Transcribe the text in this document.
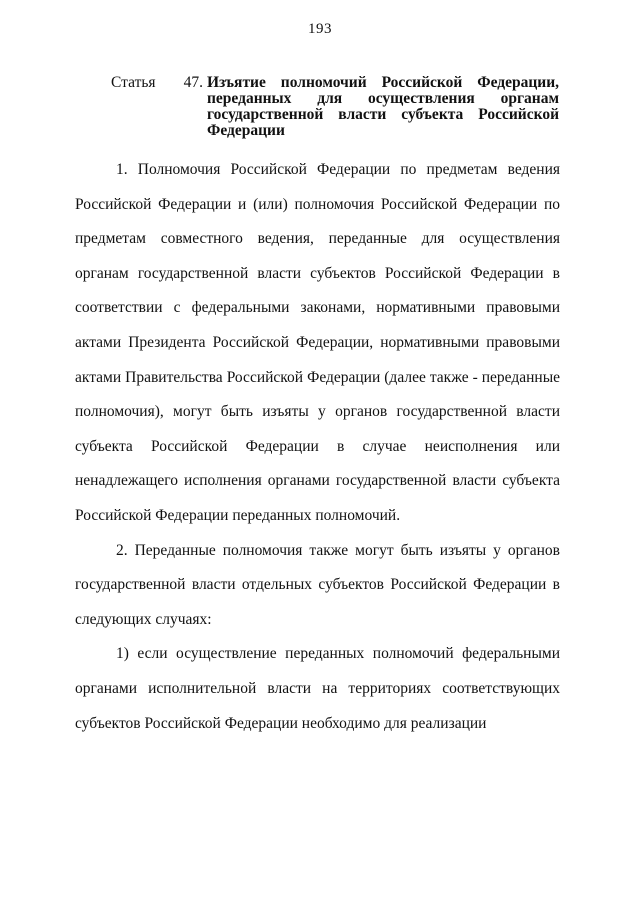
193
Статья 47. Изъятие полномочий Российской Федерации, переданных для осуществления органам государственной власти субъекта Российской Федерации

1. Полномочия Российской Федерации по предметам ведения Российской Федерации и (или) полномочия Российской Федерации по предметам совместного ведения, переданные для осуществления органам государственной власти субъектов Российской Федерации в соответствии с федеральными законами, нормативными правовыми актами Президента Российской Федерации, нормативными правовыми актами Правительства Российской Федерации (далее также - переданные полномочия), могут быть изъяты у органов государственной власти субъекта Российской Федерации в случае неисполнения или ненадлежащего исполнения органами государственной власти субъекта Российской Федерации переданных полномочий.

2. Переданные полномочия также могут быть изъяты у органов государственной власти отдельных субъектов Российской Федерации в следующих случаях:

1) если осуществление переданных полномочий федеральными органами исполнительной власти на территориях соответствующих субъектов Российской Федерации необходимо для реализации
